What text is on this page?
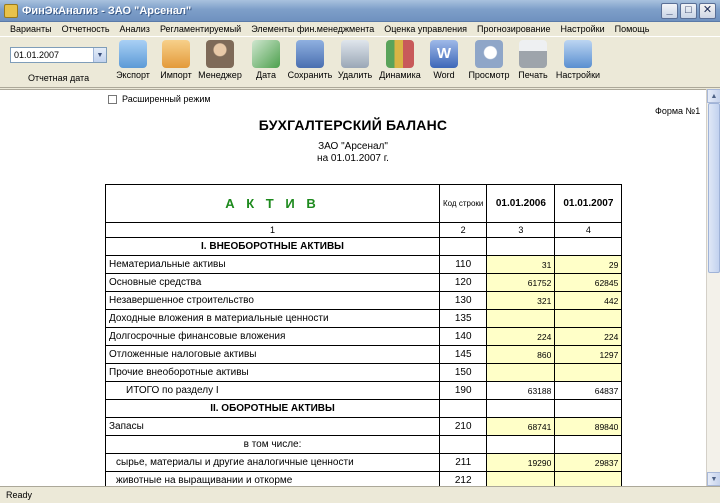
ФинЭкАнализ - ЗАО "Арсенал"	_	□	✕
Варианты Отчетность Анализ Регламентируемый Элементы фин.менеджмента Оценка управления Прогнозирование Настройки Помощь
01.01.2007	▼
Отчетная дата	Экспорт	Импорт Менеджер	Дата	Сохранить Удалить Динамика
W
Word	Просмотр Печать Настройки
Расширенный режим
Форма №1
БУХГАЛТЕРСКИЙ БАЛАНС
ЗАО "Арсенал"
на 01.01.2007 г.
А К Т И В	Код строки	01.01.2006	01.01.2007
1	2	3	4
I. ВНЕОБОРОТНЫЕ АКТИВЫ			
Нематериальные активы	110	31	29
Основные средства	120	61752	62845
Незавершенное строительство	130	321	442
Доходные вложения в материальные ценности	135		
Долгосрочные финансовые вложения	140	224	224
Отложенные налоговые активы	145	860	1297
Прочие внеоборотные активы	150		
ИТОГО по разделу I	190	63188	64837
II. ОБОРОТНЫЕ АКТИВЫ			
Запасы	210	68741	89840
в том числе:			
сырье, материалы и другие аналогичные ценности	211	19290	29837
животные на выращивании и откорме	212		
▲
▼
Ready
